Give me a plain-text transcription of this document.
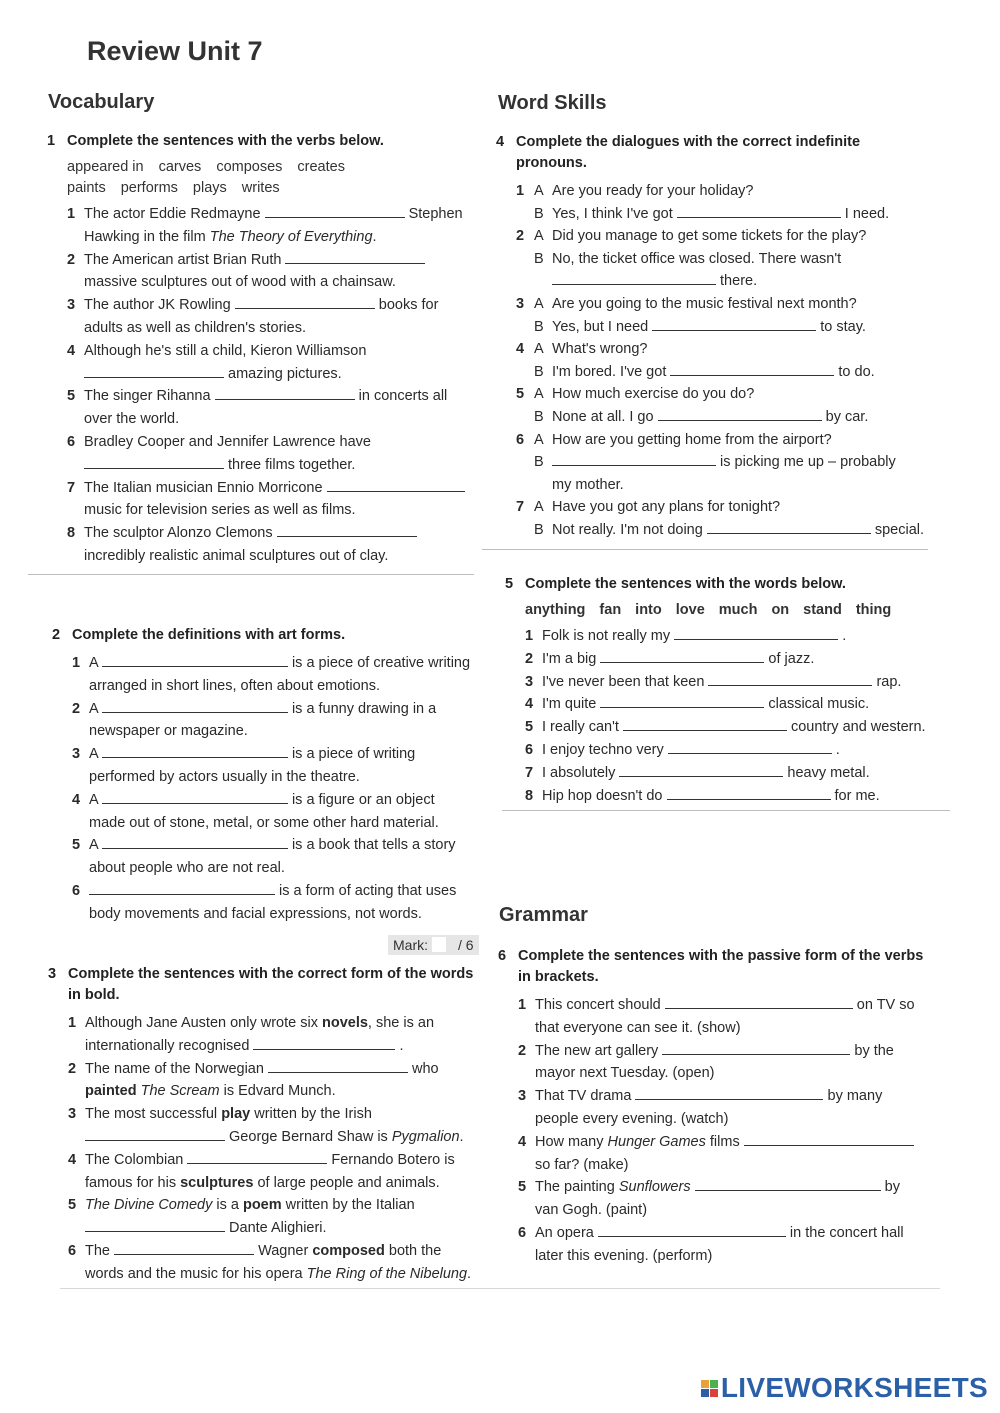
Review Unit 7
Vocabulary
1 Complete the sentences with the verbs below.
appeared in carves composes creates
paints performs plays writes
1 The actor Eddie Redmayne	Stephen
Hawking in the film The Theory of Everything.
2 The American artist Brian Ruth
massive sculptures out of wood with a chainsaw.
3 The author JK Rowling	books for
adults as well as children's stories.
4 Although he's still a child, Kieron Williamson
amazing pictures.
5 The singer Rihanna	in concerts all
over the world.
6 Bradley Cooper and Jennifer Lawrence have
three films together.
7 The Italian musician Ennio Morricone
music for television series as well as films.
8 The sculptor Alonzo Clemons
incredibly realistic animal sculptures out of clay.
2 Complete the definitions with art forms.
1 A	is a piece of creative writing
arranged in short lines, often about emotions.
2 A	is a funny drawing in a
newspaper or magazine.
3 A	is a piece of writing
performed by actors usually in the theatre.
4 A	is a figure or an object
made out of stone, metal, or some other hard material.
5 A	is a book that tells a story
about people who are not real.
6	is a form of acting that uses
body movements and facial expressions, not words.
Mark: / 6
3 Complete the sentences with the correct form of the words
in bold.
1 Although Jane Austen only wrote six novels, she is an
internationally recognised	.
2 The name of the Norwegian	who
painted The Scream is Edvard Munch.
3 The most successful play written by the Irish
George Bernard Shaw is Pygmalion.
4 The Colombian	Fernando Botero is
famous for his sculptures of large people and animals.
5 The Divine Comedy is a poem written by the Italian
Dante Alighieri.
6 The	Wagner composed both the
words and the music for his opera The Ring of the Nibelung.
Word Skills
4 Complete the dialogues with the correct indefinite
pronouns.
1 A Are you ready for your holiday?
B Yes, I think I've got	I need.
2 A Did you manage to get some tickets for the play?
B No, the ticket office was closed. There wasn't
there.
3 A Are you going to the music festival next month?
B Yes, but I need	to stay.
4 A What's wrong?
B I'm bored. I've got	to do.
5 A How much exercise do you do?
B None at all. I go	by car.
6 A How are you getting home from the airport?
B	is picking me up – probably
my mother.
7 A Have you got any plans for tonight?
B Not really. I'm not doing	special.
5 Complete the sentences with the words below.
anything fan into love much on stand thing
1 Folk is not really my	.
2 I'm a big	of jazz.
3 I've never been that keen	rap.
4 I'm quite	classical music.
5 I really can't	country and western.
6 I enjoy techno very	.
7 I absolutely	heavy metal.
8 Hip hop doesn't do	for me.
Grammar
6 Complete the sentences with the passive form of the verbs
in brackets.
1 This concert should	on TV so
that everyone can see it. (show)
2 The new art gallery	by the
mayor next Tuesday. (open)
3 That TV drama	by many
people every evening. (watch)
4 How many Hunger Games films
so far? (make)
5 The painting Sunflowers	by
van Gogh. (paint)
6 An opera	in the concert hall
later this evening. (perform)
LIVEWORKSHEETS
